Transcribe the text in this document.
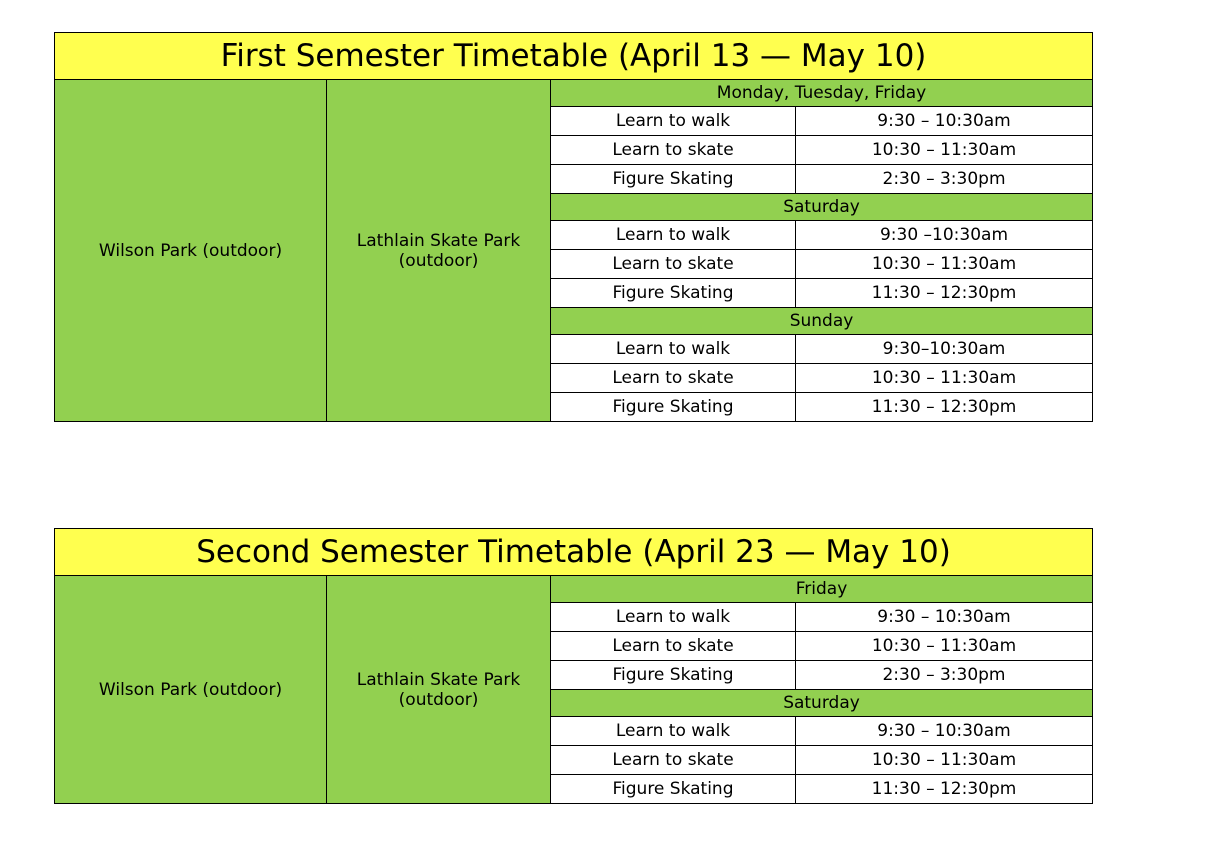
First Semester Timetable (April 13 — May 10)			
Wilson Park (outdoor)	Lathlain Skate Park (outdoor)	Monday, Tuesday, Friday	
		Learn to walk	9:30 – 10:30am
		Learn to skate	10:30 – 11:30am
		Figure Skating	2:30 – 3:30pm
		Saturday	
		Learn to walk	9:30 –10:30am
		Learn to skate	10:30 – 11:30am
		Figure Skating	11:30 – 12:30pm
		Sunday	
		Learn to walk	9:30–10:30am
		Learn to skate	10:30 – 11:30am
		Figure Skating	11:30 – 12:30pm
Second Semester Timetable (April 23 — May 10)			
Wilson Park (outdoor)	Lathlain Skate Park (outdoor)	Friday	
		Learn to walk	9:30 – 10:30am
		Learn to skate	10:30 – 11:30am
		Figure Skating	2:30 – 3:30pm
		Saturday	
		Learn to walk	9:30 – 10:30am
		Learn to skate	10:30 – 11:30am
		Figure Skating	11:30 – 12:30pm
